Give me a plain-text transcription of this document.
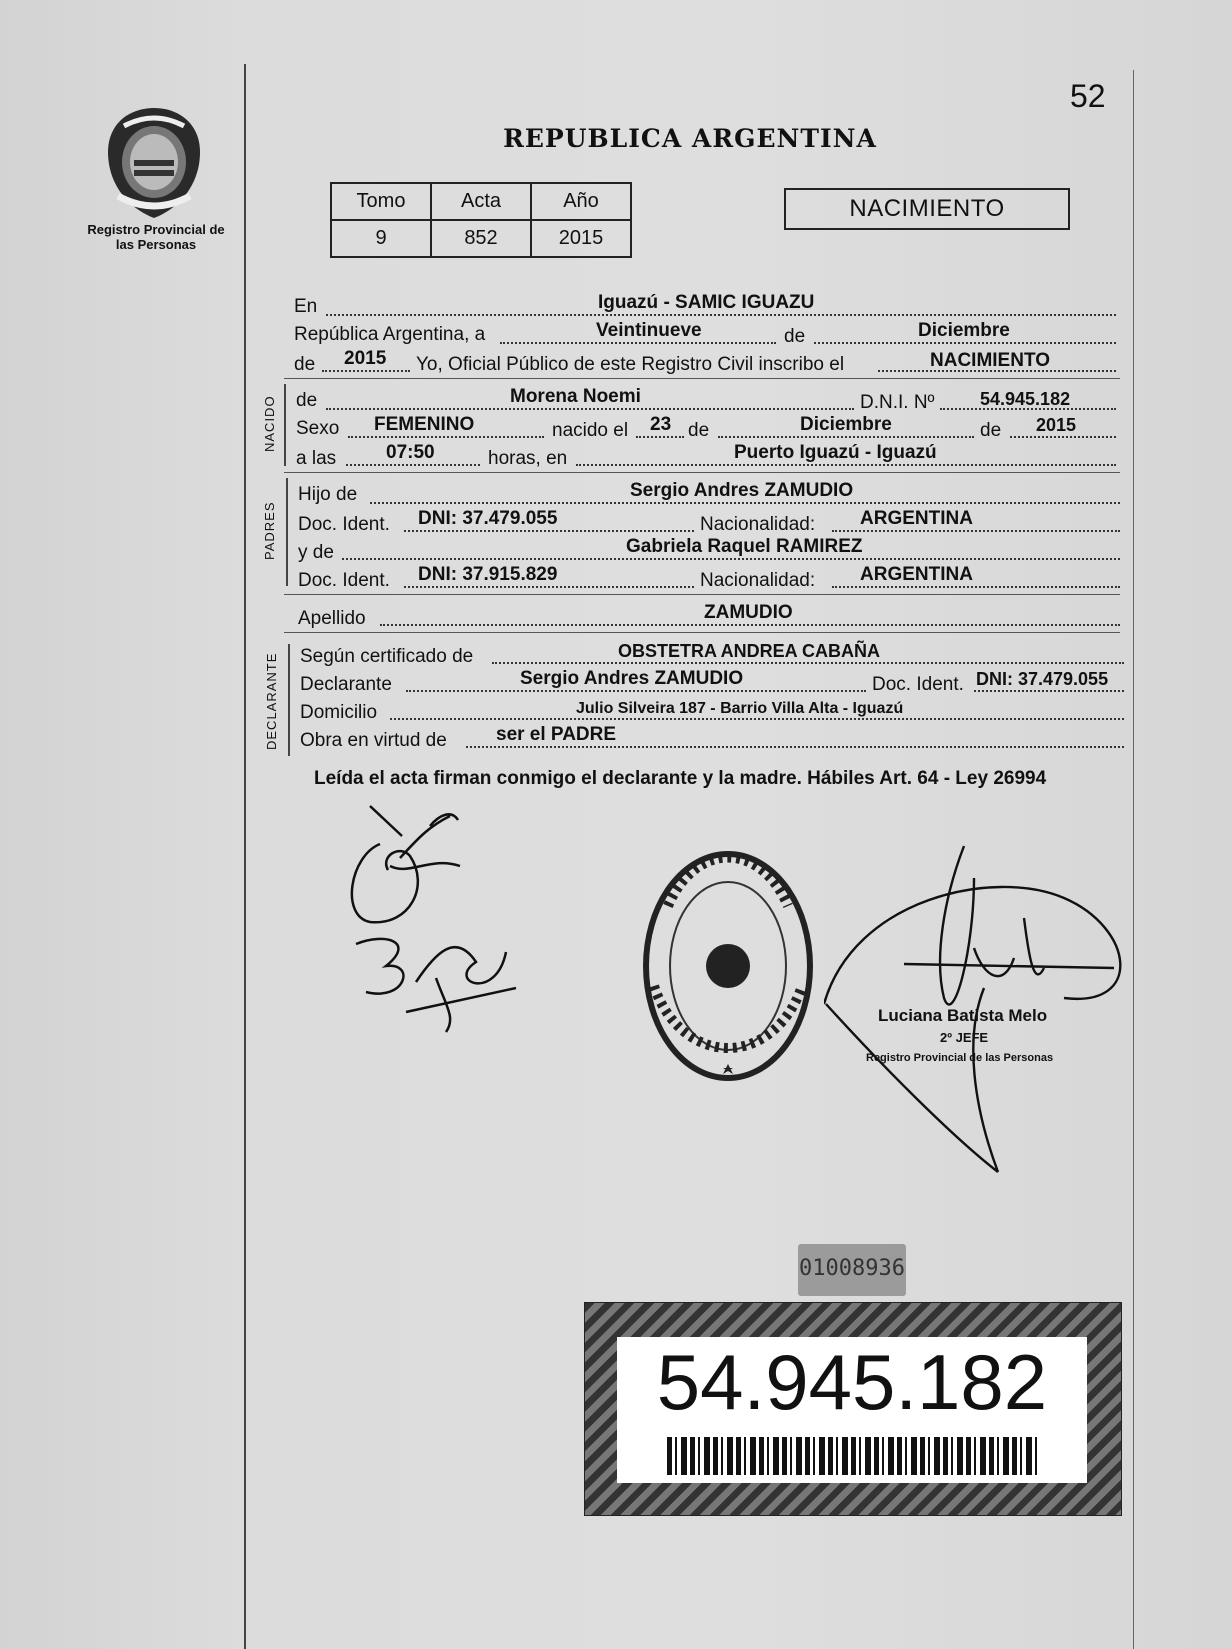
Registro Provincial de las Personas
52
REPUBLICA ARGENTINA
Tomo	Acta	Año
9	852	2015
NACIMIENTO
En	Iguazú - SAMIC IGUAZU
República Argentina, a	Veintinueve	de	Diciembre
de 2015 Yo, Oficial Público de este Registro Civil inscribo el	NACIMIENTO
NACIDO de	Morena Noemi	D.N.I. Nº	54.945.182
Sexo FEMENINO	nacido el 23 de	Diciembre	de 2015
a las	07:50	horas, en	Puerto Iguazú - Iguazú
PADRES
Hijo de	Sergio Andres ZAMUDIO
Doc. Ident. DNI: 37.479.055	Nacionalidad: ARGENTINA
y de	Gabriela Raquel RAMIREZ
Doc. Ident. DNI: 37.915.829	Nacionalidad: ARGENTINA
Apellido	ZAMUDIO
DECLARANTE Según certificado de	OBSTETRA ANDREA CABAÑA
Declarante	Sergio Andres ZAMUDIO	Doc. Ident. DNI: 37.479.055
Domicilio	Julio Silveira 187 - Barrio Villa Alta - Iguazú
Obra en virtud de	ser el PADRE
Leída el acta firman conmigo el declarante y la madre. Hábiles Art. 64 - Ley 26994
Luciana Batista Melo
2º JEFE
Registro Provincial de las Personas
01008936
54.945.182
